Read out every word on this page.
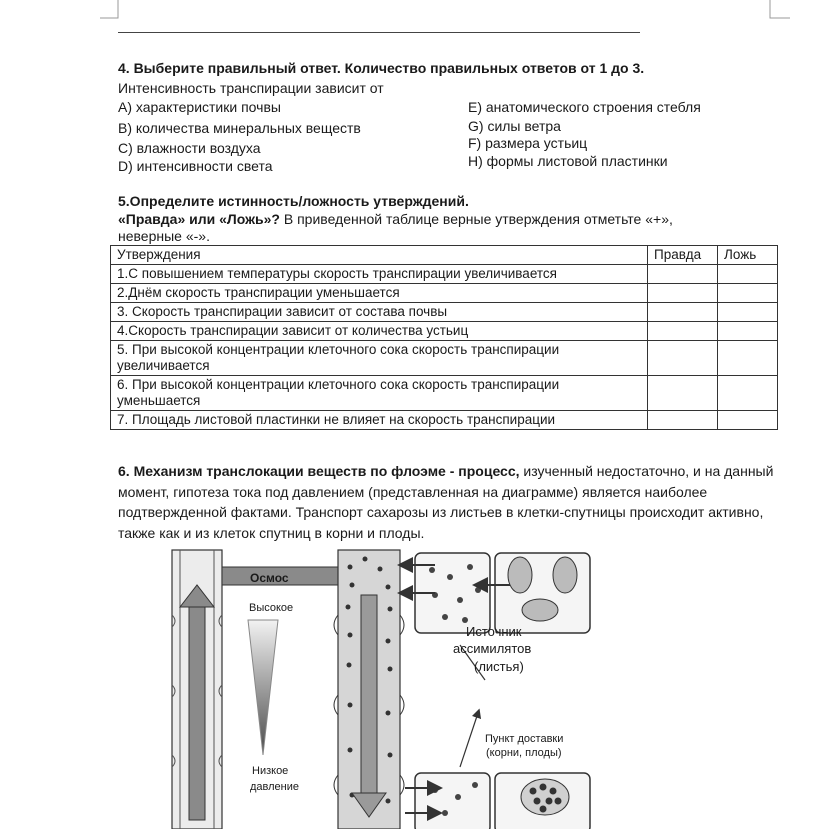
4. Выберите правильный ответ. Количество правильных ответов от 1 до 3.
Интенсивность транспирации зависит от
А) характеристики почвы
В) количества минеральных веществ
С) влажности воздуха
D) интенсивности света
Е) анатомического строения стебля
G) силы ветра
F) размера устьиц
Н) формы листовой пластинки
5.Определите истинность/ложность утверждений.
«Правда» или «Ложь»? В приведенной таблице верные утверждения отметьте «+»,
неверные «-».
Утверждения	Правда	Ложь
1.С повышением температуры скорость транспирации увеличивается		
2.Днём скорость транспирации уменьшается		
3. Скорость транспирации зависит от состава почвы		
4.Скорость транспирации зависит от количества устьиц		
5. При высокой концентрации клеточного сока скорость транспирации увеличивается		
6. При высокой концентрации клеточного сока скорость транспирации уменьшается		
7. Площадь листовой пластинки не влияет на скорость транспирации		
6. Механизм транслокации веществ по флоэме - процесс, изученный недостаточно, и на данный момент, гипотеза тока под давлением (представленная на диаграмме) является наиболее подтвержденной фактами. Транспорт сахарозы из листьев в клетки-спутницы происходит активно, также как и из клеток спутниц в корни и плоды.
Осмос
Высокое
Источник
ассимилятов
(листья)
Пункт доставки
(корни, плоды)
Низкое
давление
